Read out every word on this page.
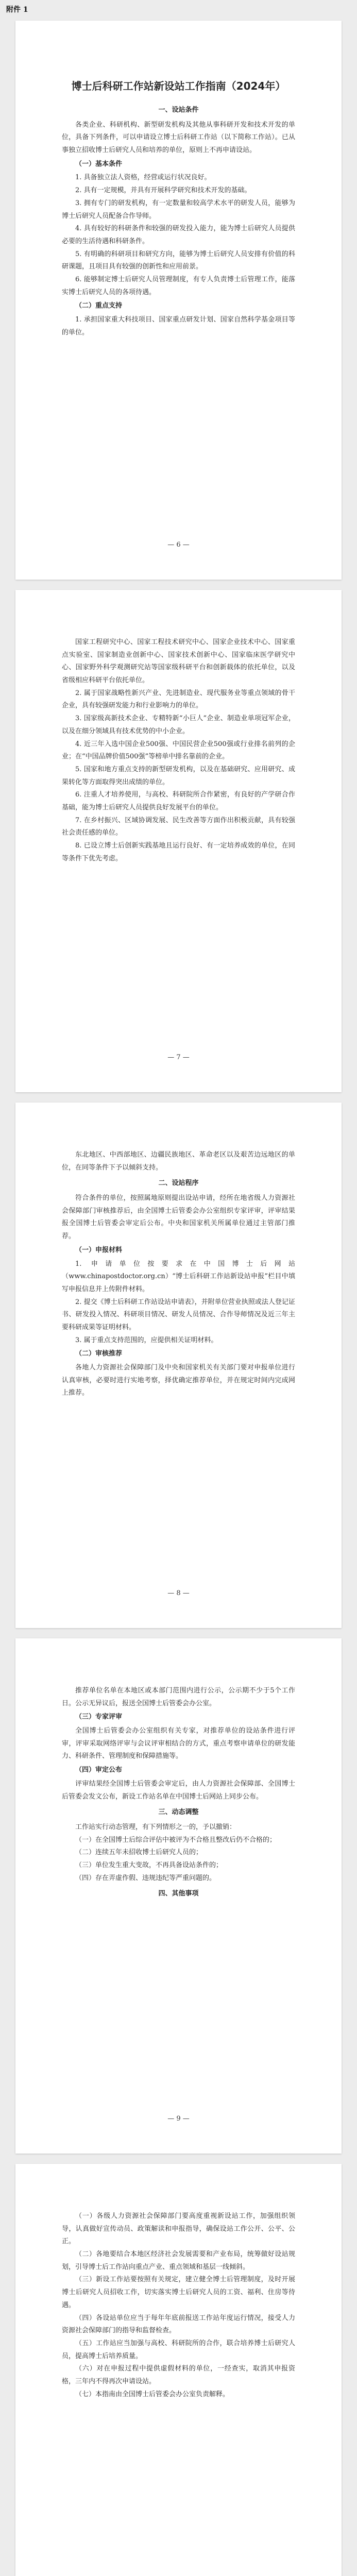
附件 1
博士后科研工作站新设站工作指南（2024年）
一、设站条件
各类企业、科研机构、新型研发机构及其他从事科研开发和技术开发的单位，具备下列条件，可以申请设立博士后科研工作站（以下简称工作站）。已从事独立招收博士后研究人员和培养的单位，原则上不再申请设站。
（一）基本条件
1. 具备独立法人资格，经营或运行状况良好。
2. 具有一定规模，并具有开展科学研究和技术开发的基础。
3. 拥有专门的研发机构，有一定数量和较高学术水平的研发人员，能够为博士后研究人员配备合作导师。
4. 具有较好的科研条件和较强的研发投入能力，能为博士后研究人员提供必要的生活待遇和科研条件。
5. 有明确的科研项目和研究方向，能够为博士后研究人员安排有价值的科研课题，且项目具有较强的创新性和应用前景。
6. 能够制定博士后研究人员管理制度，有专人负责博士后管理工作，能落实博士后研究人员的各项待遇。
（二）重点支持
1. 承担国家重大科技项目、国家重点研发计划、国家自然科学基金项目等的单位。
— 6 —
国家工程研究中心、国家工程技术研究中心、国家企业技术中心、国家重点实验室、国家制造业创新中心、国家技术创新中心、国家临床医学研究中心、国家野外科学观测研究站等国家级科研平台和创新载体的依托单位，以及省级相应科研平台依托单位。
2. 属于国家战略性新兴产业、先进制造业、现代服务业等重点领域的骨干企业，具有较强研发能力和行业影响力的单位。
3. 国家级高新技术企业、专精特新“小巨人”企业、制造业单项冠军企业，以及在细分领域具有技术优势的中小企业。
4. 近三年入选中国企业500强、中国民营企业500强或行业排名前列的企业；在“中国品牌价值500强”等榜单中排名靠前的企业。
5. 国家和地方重点支持的新型研发机构，以及在基础研究、应用研究、成果转化等方面取得突出成绩的单位。
6. 注重人才培养使用，与高校、科研院所合作紧密，有良好的产学研合作基础，能为博士后研究人员提供良好发展平台的单位。
7. 在乡村振兴、区域协调发展、民生改善等方面作出积极贡献，具有较强社会责任感的单位。
8. 已设立博士后创新实践基地且运行良好、有一定培养成效的单位，在同等条件下优先考虑。
— 7 —
东北地区、中西部地区、边疆民族地区、革命老区以及艰苦边远地区的单位，在同等条件下予以倾斜支持。
二、设站程序
符合条件的单位，按照属地原则提出设站申请，经所在地省级人力资源社会保障部门审核推荐后，由全国博士后管委会办公室组织专家评审，评审结果报全国博士后管委会审定后公布。中央和国家机关所属单位通过主管部门推荐。
（一）申报材料
1. 申请单位按要求在中国博士后网站（www.chinapostdoctor.org.cn）“博士后科研工作站新设站申报”栏目中填写申报信息并上传附件材料。
2. 提交《博士后科研工作站设站申请表》，并附单位营业执照或法人登记证书、研发投入情况、科研项目情况、研发人员情况、合作导师情况及近三年主要科研成果等证明材料。
3. 属于重点支持范围的，应提供相关证明材料。
（二）审核推荐
各地人力资源社会保障部门及中央和国家机关有关部门要对申报单位进行认真审核，必要时进行实地考察，择优确定推荐单位，并在规定时间内完成网上推荐。
— 8 —
推荐单位名单在本地区或本部门范围内进行公示，公示期不少于5个工作日。公示无异议后，报送全国博士后管委会办公室。
（三）专家评审
全国博士后管委会办公室组织有关专家，对推荐单位的设站条件进行评审，评审采取网络评审与会议评审相结合的方式，重点考察申请单位的研发能力、科研条件、管理制度和保障措施等。
（四）审定公布
评审结果经全国博士后管委会审定后，由人力资源社会保障部、全国博士后管委会发文公布，新设工作站名单在中国博士后网站上同步公布。
三、动态调整
工作站实行动态管理，有下列情形之一的，予以撤销：
（一）在全国博士后综合评估中被评为不合格且整改后仍不合格的；
（二）连续五年未招收博士后研究人员的；
（三）单位发生重大变故，不再具备设站条件的；
（四）存在弄虚作假、违规违纪等严重问题的。
四、其他事项
— 9 —
（一）各级人力资源社会保障部门要高度重视新设站工作，加强组织领导，认真做好宣传动员、政策解读和申报指导，确保设站工作公开、公平、公正。
（二）各地要结合本地区经济社会发展需要和产业布局，统筹做好设站规划，引导博士后工作站向重点产业、重点领域和基层一线倾斜。
（三）新设工作站要按照有关规定，建立健全博士后管理制度，及时开展博士后研究人员招收工作，切实落实博士后研究人员的工资、福利、住房等待遇。
（四）各设站单位应当于每年年底前报送工作站年度运行情况，接受人力资源社会保障部门的指导和监督检查。
（五）工作站应当加强与高校、科研院所的合作，联合培养博士后研究人员，提高博士后培养质量。
（六）对在申报过程中提供虚假材料的单位，一经查实，取消其申报资格，三年内不得再次申请设站。
（七）本指南由全国博士后管委会办公室负责解释。
